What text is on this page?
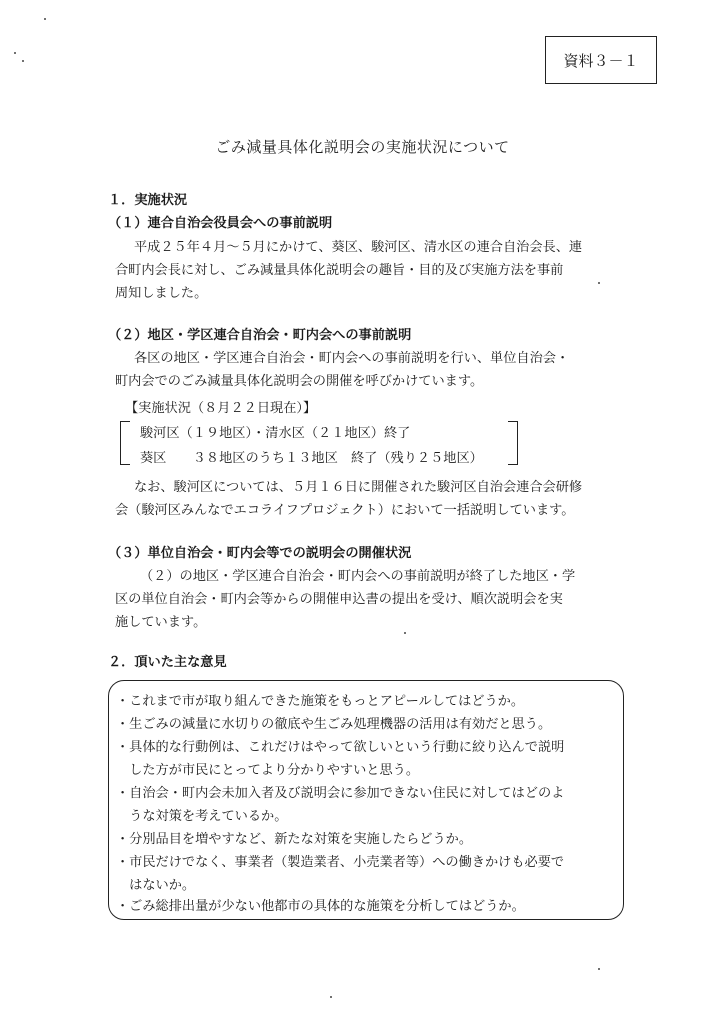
資料３－１
ごみ減量具体化説明会の実施状況について
１．実施状況
（１）連合自治会役員会への事前説明
平成２５年４月～５月にかけて、葵区、駿河区、清水区の連合自治会長、連
合町内会長に対し、ごみ減量具体化説明会の趣旨・目的及び実施方法を事前
周知しました。
（２）地区・学区連合自治会・町内会への事前説明
各区の地区・学区連合自治会・町内会への事前説明を行い、単位自治会・
町内会でのごみ減量具体化説明会の開催を呼びかけています。
【実施状況（８月２２日現在）】
駿河区（１９地区）・清水区（２１地区）終了
葵区　　３８地区のうち１３地区　終了（残り２５地区）
なお、駿河区については、５月１６日に開催された駿河区自治会連合会研修
会（駿河区みんなでエコライフプロジェクト）において一括説明しています。
（３）単位自治会・町内会等での説明会の開催状況
（２）の地区・学区連合自治会・町内会への事前説明が終了した地区・学
区の単位自治会・町内会等からの開催申込書の提出を受け、順次説明会を実
施しています。
２．頂いた主な意見
・これまで市が取り組んできた施策をもっとアピールしてはどうか。
・生ごみの減量に水切りの徹底や生ごみ処理機器の活用は有効だと思う。
・具体的な行動例は、これだけはやって欲しいという行動に絞り込んで説明
　した方が市民にとってより分かりやすいと思う。
・自治会・町内会未加入者及び説明会に参加できない住民に対してはどのよ
　うな対策を考えているか。
・分別品目を増やすなど、新たな対策を実施したらどうか。
・市民だけでなく、事業者（製造業者、小売業者等）への働きかけも必要で
　はないか。
・ごみ総排出量が少ない他都市の具体的な施策を分析してはどうか。
